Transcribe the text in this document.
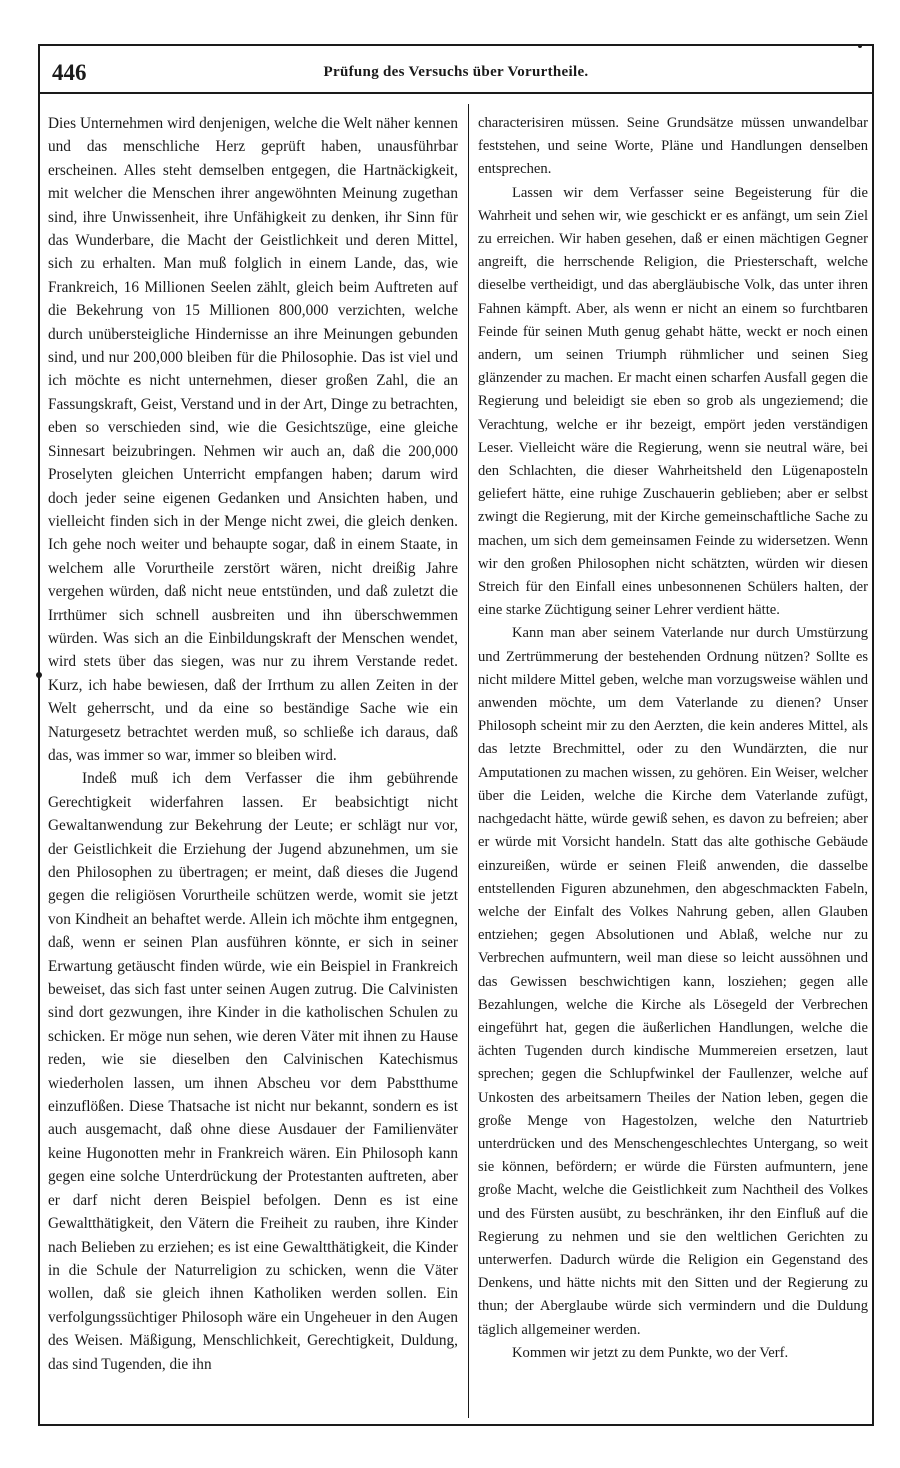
446	Prüfung des Versuchs über Vorurtheile.

Dies Unternehmen wird denjenigen, welche die Welt näher kennen und das menschliche Herz geprüft haben, unausführbar erscheinen. Alles steht demselben entgegen, die Hartnäckigkeit, mit welcher die Menschen ihrer angewöhnten Meinung zugethan sind, ihre Unwissenheit, ihre Unfähigkeit zu denken, ihr Sinn für das Wunderbare, die Macht der Geistlichkeit und deren Mittel, sich zu erhalten. Man muß folglich in einem Lande, das, wie Frankreich, 16 Millionen Seelen zählt, gleich beim Auftreten auf die Bekehrung von 15 Millionen 800,000 verzichten, welche durch unübersteigliche Hindernisse an ihre Meinungen gebunden sind, und nur 200,000 bleiben für die Philosophie. Das ist viel und ich möchte es nicht unternehmen, dieser großen Zahl, die an Fassungskraft, Geist, Verstand und in der Art, Dinge zu betrachten, eben so verschieden sind, wie die Gesichtszüge, eine gleiche Sinnesart beizubringen. Nehmen wir auch an, daß die 200,000 Proselyten gleichen Unterricht empfangen haben; darum wird doch jeder seine eigenen Gedanken und Ansichten haben, und vielleicht finden sich in der Menge nicht zwei, die gleich denken. Ich gehe noch weiter und behaupte sogar, daß in einem Staate, in welchem alle Vorurtheile zerstört wären, nicht dreißig Jahre vergehen würden, daß nicht neue entstünden, und daß zuletzt die Irrthümer sich schnell ausbreiten und ihn überschwemmen würden. Was sich an die Einbildungskraft der Menschen wendet, wird stets über das siegen, was nur zu ihrem Verstande redet. Kurz, ich habe bewiesen, daß der Irrthum zu allen Zeiten in der Welt geherrscht, und da eine so beständige Sache wie ein Naturgesetz betrachtet werden muß, so schließe ich daraus, daß das, was immer so war, immer so bleiben wird.

Indeß muß ich dem Verfasser die ihm gebührende Gerechtigkeit widerfahren lassen. Er beabsichtigt nicht Gewaltanwendung zur Bekehrung der Leute; er schlägt nur vor, der Geistlichkeit die Erziehung der Jugend abzunehmen, um sie den Philosophen zu übertragen; er meint, daß dieses die Jugend gegen die religiösen Vorurtheile schützen werde, womit sie jetzt von Kindheit an behaftet werde. Allein ich möchte ihm entgegnen, daß, wenn er seinen Plan ausführen könnte, er sich in seiner Erwartung getäuscht finden würde, wie ein Beispiel in Frankreich beweiset, das sich fast unter seinen Augen zutrug. Die Calvinisten sind dort gezwungen, ihre Kinder in die katholischen Schulen zu schicken. Er möge nun sehen, wie deren Väter mit ihnen zu Hause reden, wie sie dieselben den Calvinischen Katechismus wiederholen lassen, um ihnen Abscheu vor dem Pabstthume einzuflößen. Diese Thatsache ist nicht nur bekannt, sondern es ist auch ausgemacht, daß ohne diese Ausdauer der Familienväter keine Hugonotten mehr in Frankreich wären. Ein Philosoph kann gegen eine solche Unterdrückung der Protestanten auftreten, aber er darf nicht deren Beispiel befolgen. Denn es ist eine Gewaltthätigkeit, den Vätern die Freiheit zu rauben, ihre Kinder nach Belieben zu erziehen; es ist eine Gewaltthätigkeit, die Kinder in die Schule der Naturreligion zu schicken, wenn die Väter wollen, daß sie gleich ihnen Katholiken werden sollen. Ein verfolgungssüchtiger Philosoph wäre ein Ungeheuer in den Augen des Weisen. Mäßigung, Menschlichkeit, Gerechtigkeit, Duldung, das sind Tugenden, die ihn

characterisiren müssen. Seine Grundsätze müssen unwandelbar feststehen, und seine Worte, Pläne und Handlungen denselben entsprechen.

Lassen wir dem Verfasser seine Begeisterung für die Wahrheit und sehen wir, wie geschickt er es anfängt, um sein Ziel zu erreichen. Wir haben gesehen, daß er einen mächtigen Gegner angreift, die herrschende Religion, die Priesterschaft, welche dieselbe vertheidigt, und das abergläubische Volk, das unter ihren Fahnen kämpft. Aber, als wenn er nicht an einem so furchtbaren Feinde für seinen Muth genug gehabt hätte, weckt er noch einen andern, um seinen Triumph rühmlicher und seinen Sieg glänzender zu machen. Er macht einen scharfen Ausfall gegen die Regierung und beleidigt sie eben so grob als ungeziemend; die Verachtung, welche er ihr bezeigt, empört jeden verständigen Leser. Vielleicht wäre die Regierung, wenn sie neutral wäre, bei den Schlachten, die dieser Wahrheitsheld den Lügenaposteln geliefert hätte, eine ruhige Zuschauerin geblieben; aber er selbst zwingt die Regierung, mit der Kirche gemeinschaftliche Sache zu machen, um sich dem gemeinsamen Feinde zu widersetzen. Wenn wir den großen Philosophen nicht schätzten, würden wir diesen Streich für den Einfall eines unbesonnenen Schülers halten, der eine starke Züchtigung seiner Lehrer verdient hätte.

Kann man aber seinem Vaterlande nur durch Umstürzung und Zertrümmerung der bestehenden Ordnung nützen? Sollte es nicht mildere Mittel geben, welche man vorzugsweise wählen und anwenden möchte, um dem Vaterlande zu dienen? Unser Philosoph scheint mir zu den Aerzten, die kein anderes Mittel, als das letzte Brechmittel, oder zu den Wundärzten, die nur Amputationen zu machen wissen, zu gehören. Ein Weiser, welcher über die Leiden, welche die Kirche dem Vaterlande zufügt, nachgedacht hätte, würde gewiß sehen, es davon zu befreien; aber er würde mit Vorsicht handeln. Statt das alte gothische Gebäude einzureißen, würde er seinen Fleiß anwenden, die dasselbe entstellenden Figuren abzunehmen, den abgeschmackten Fabeln, welche der Einfalt des Volkes Nahrung geben, allen Glauben entziehen; gegen Absolutionen und Ablaß, welche nur zu Verbrechen aufmuntern, weil man diese so leicht aussöhnen und das Gewissen beschwichtigen kann, losziehen; gegen alle Bezahlungen, welche die Kirche als Lösegeld der Verbrechen eingeführt hat, gegen die äußerlichen Handlungen, welche die ächten Tugenden durch kindische Mummereien ersetzen, laut sprechen; gegen die Schlupfwinkel der Faullenzer, welche auf Unkosten des arbeitsamern Theiles der Nation leben, gegen die große Menge von Hagestolzen, welche den Naturtrieb unterdrücken und des Menschengeschlechtes Untergang, so weit sie können, befördern; er würde die Fürsten aufmuntern, jene große Macht, welche die Geistlichkeit zum Nachtheil des Volkes und des Fürsten ausübt, zu beschränken, ihr den Einfluß auf die Regierung zu nehmen und sie den weltlichen Gerichten zu unterwerfen. Dadurch würde die Religion ein Gegenstand des Denkens, und hätte nichts mit den Sitten und der Regierung zu thun; der Aberglaube würde sich vermindern und die Duldung täglich allgemeiner werden.

Kommen wir jetzt zu dem Punkte, wo der Verf.
